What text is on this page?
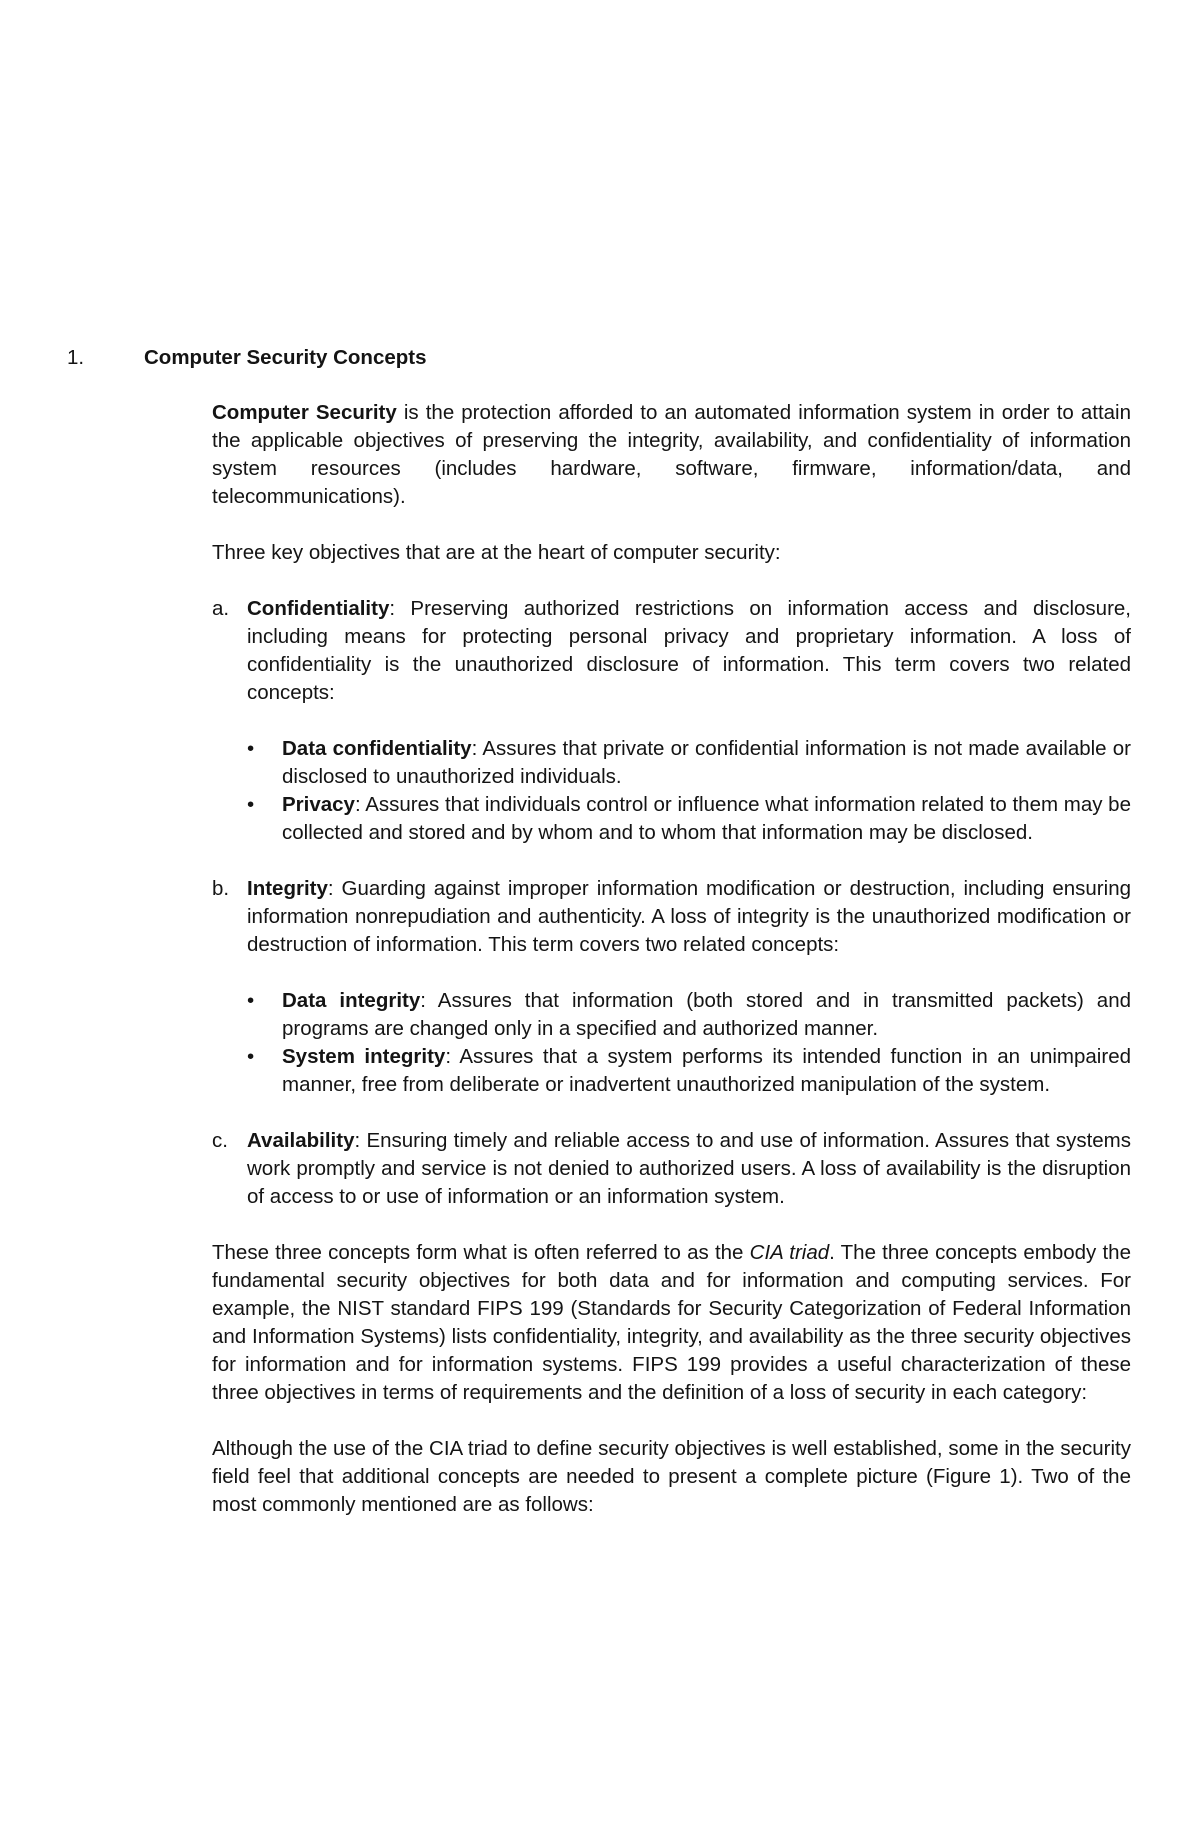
1.	Computer Security Concepts

Computer Security is the protection afforded to an automated information system in order to attain the applicable objectives of preserving the integrity, availability, and confidentiality of information system resources (includes hardware, software, firmware, information/data, and telecommunications).

Three key objectives that are at the heart of computer security:

a. Confidentiality: Preserving authorized restrictions on information access and disclosure, including means for protecting personal privacy and proprietary information. A loss of confidentiality is the unauthorized disclosure of information. This term covers two related concepts:

•	Data confidentiality: Assures that private or confidential information is not made available or disclosed to unauthorized individuals.

•	Privacy: Assures that individuals control or influence what information related to them may be collected and stored and by whom and to whom that information may be disclosed.

b. Integrity: Guarding against improper information modification or destruction, including ensuring information nonrepudiation and authenticity. A loss of integrity is the unauthorized modification or destruction of information. This term covers two related concepts:

•	Data integrity: Assures that information (both stored and in transmitted packets) and programs are changed only in a specified and authorized manner.

•	System integrity: Assures that a system performs its intended function in an unimpaired manner, free from deliberate or inadvertent unauthorized manipulation of the system.

c. Availability: Ensuring timely and reliable access to and use of information. Assures that systems work promptly and service is not denied to authorized users. A loss of availability is the disruption of access to or use of information or an information system.

These three concepts form what is often referred to as the CIA triad. The three concepts embody the fundamental security objectives for both data and for information and computing services. For example, the NIST standard FIPS 199 (Standards for Security Categorization of Federal Information and Information Systems) lists confidentiality, integrity, and availability as the three security objectives for information and for information systems. FIPS 199 provides a useful characterization of these three objectives in terms of requirements and the definition of a loss of security in each category:

Although the use of the CIA triad to define security objectives is well established, some in the security field feel that additional concepts are needed to present a complete picture (Figure 1). Two of the most commonly mentioned are as follows:
